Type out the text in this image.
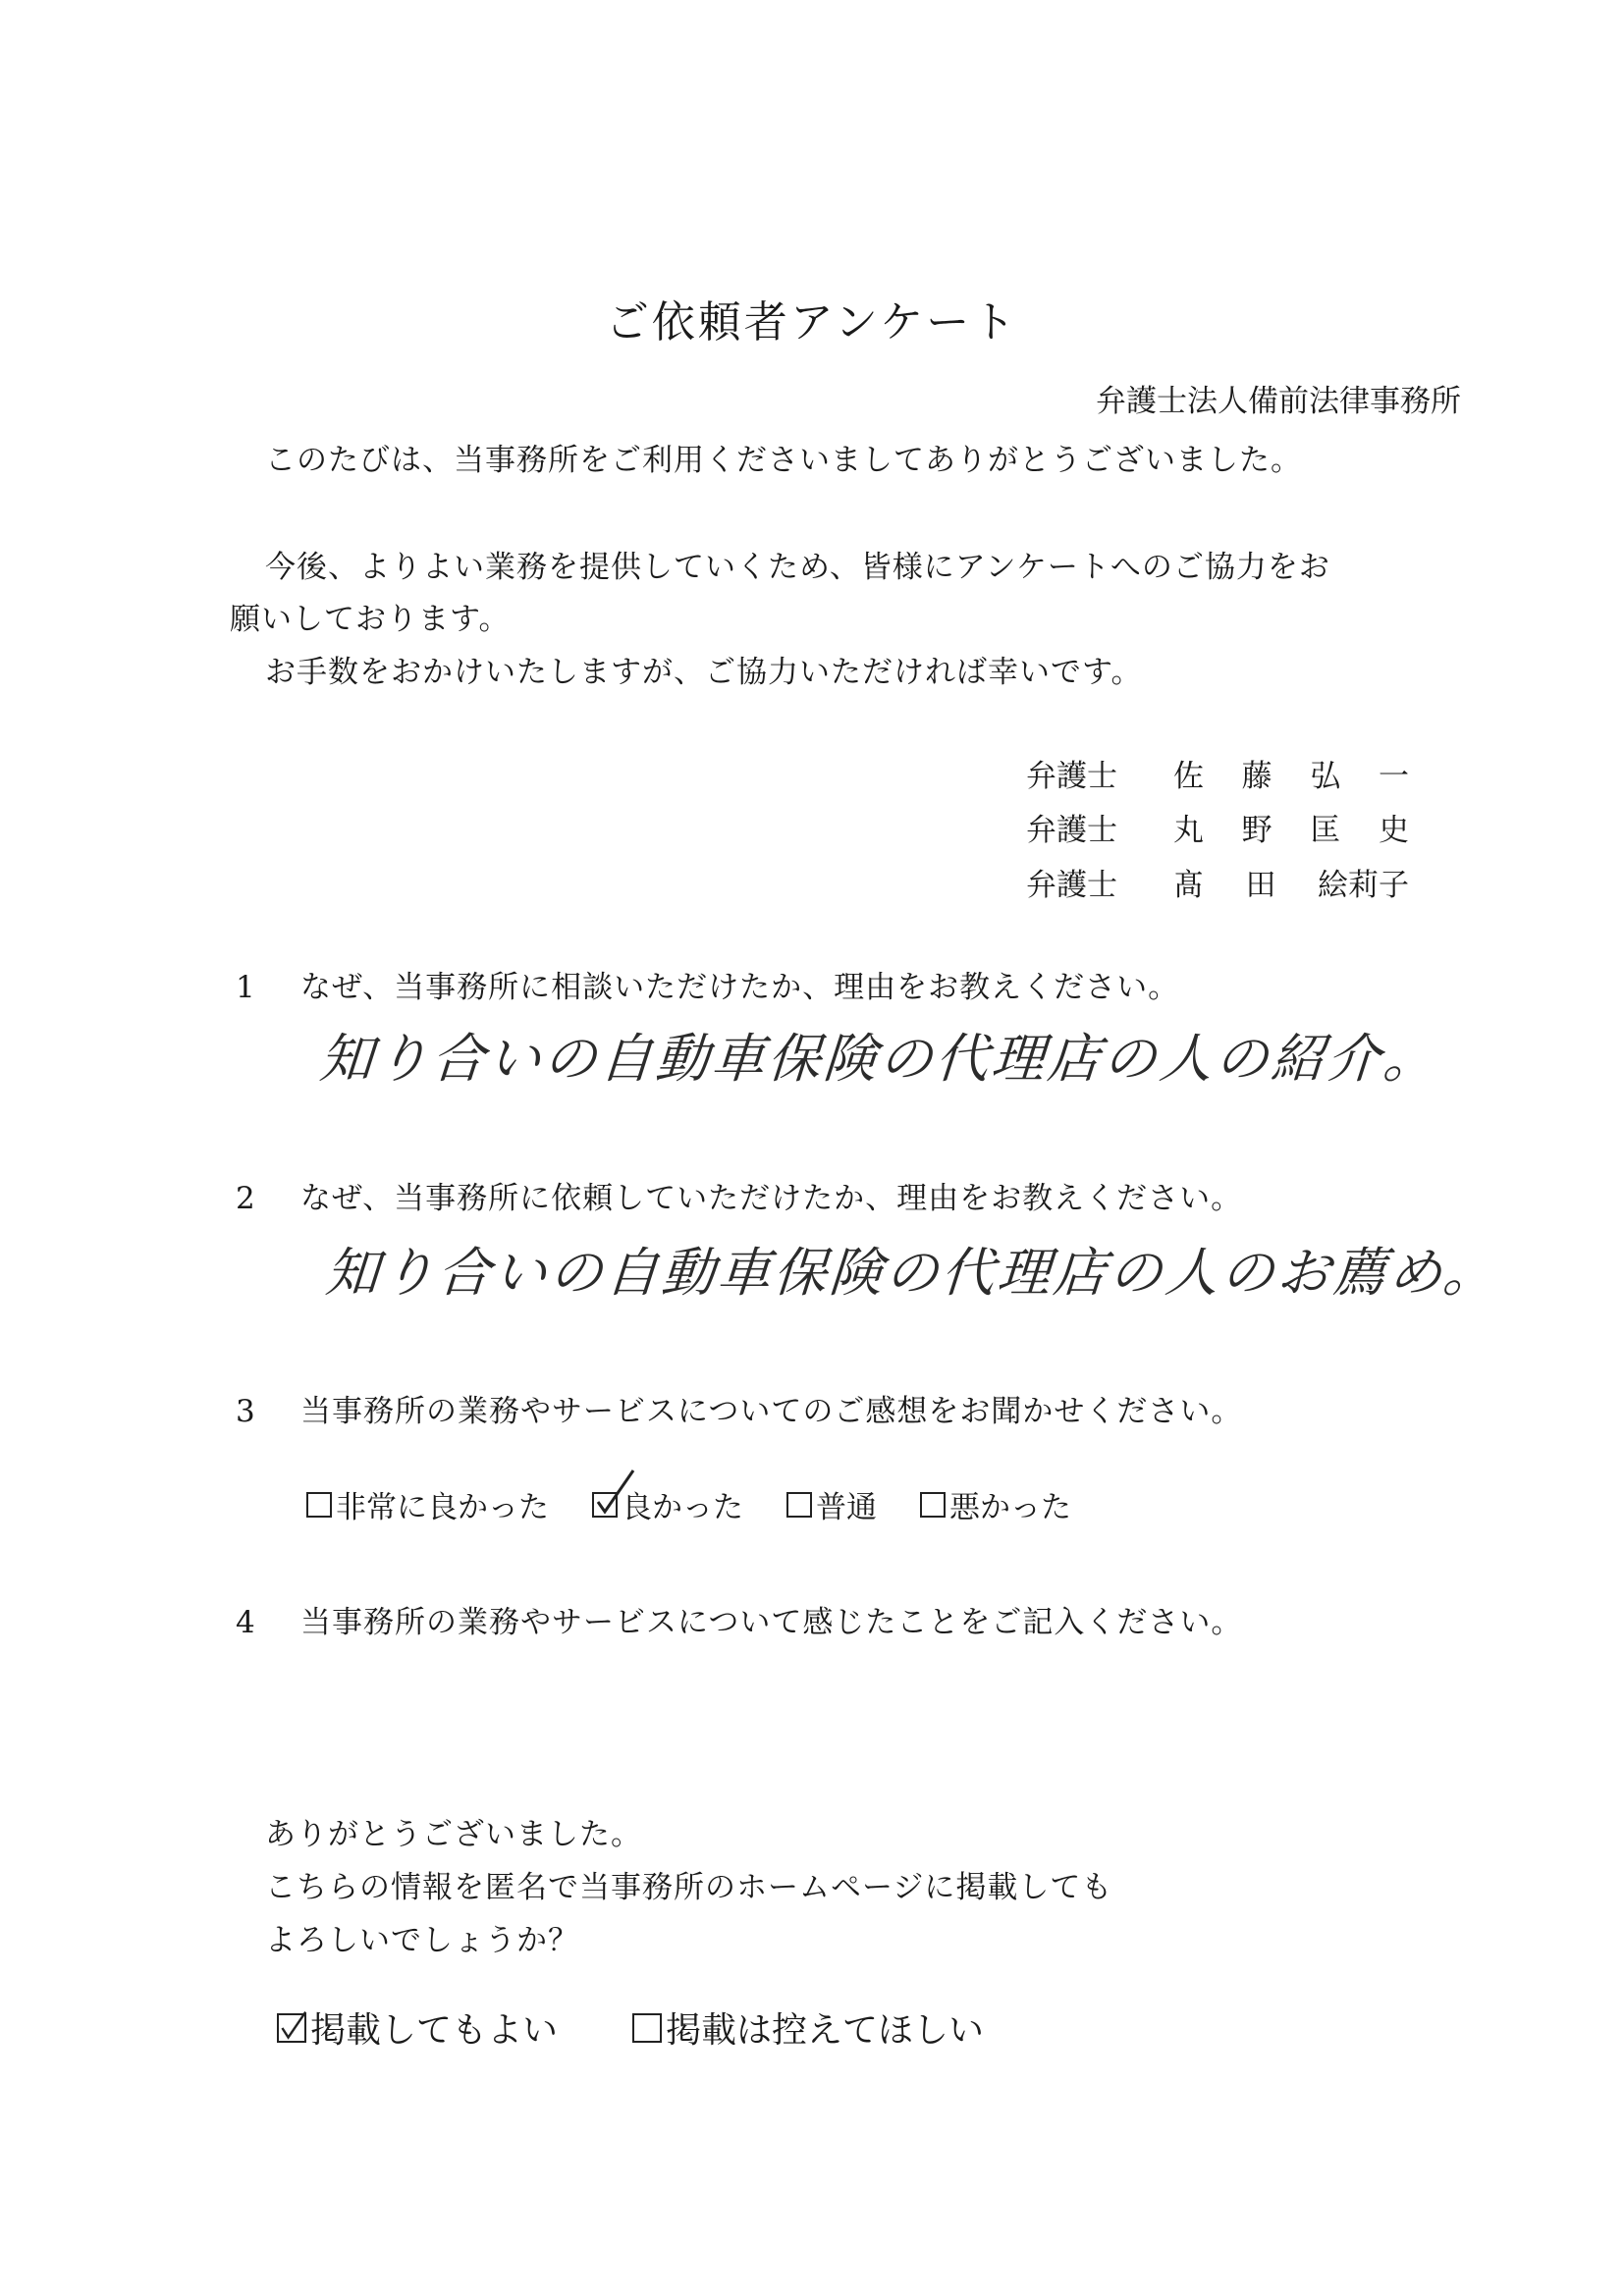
ご依頼者アンケート
弁護士法人備前法律事務所
このたびは、当事務所をご利用くださいましてありがとうございました。
今後、よりよい業務を提供していくため、皆様にアンケートへのご協力をお
願いしております。
お手数をおかけいたしますが、ご協力いただければ幸いです。
弁護士	佐 藤 弘 一
弁護士	丸 野 匡 史
弁護士	髙 田 絵莉子
1 なぜ、当事務所に相談いただけたか、理由をお教えください。
知り合いの自動車保険の代理店の人の紹介。
2 なぜ、当事務所に依頼していただけたか、理由をお教えください。
知り合いの自動車保険の代理店の人のお薦め。
3 当事務所の業務やサービスについてのご感想をお聞かせください。
非常に良かった 良かった 普通 悪かった
4 当事務所の業務やサービスについて感じたことをご記入ください。
ありがとうございました。
こちらの情報を匿名で当事務所のホームページに掲載しても
よろしいでしょうか？
掲載してもよい	掲載は控えてほしい
